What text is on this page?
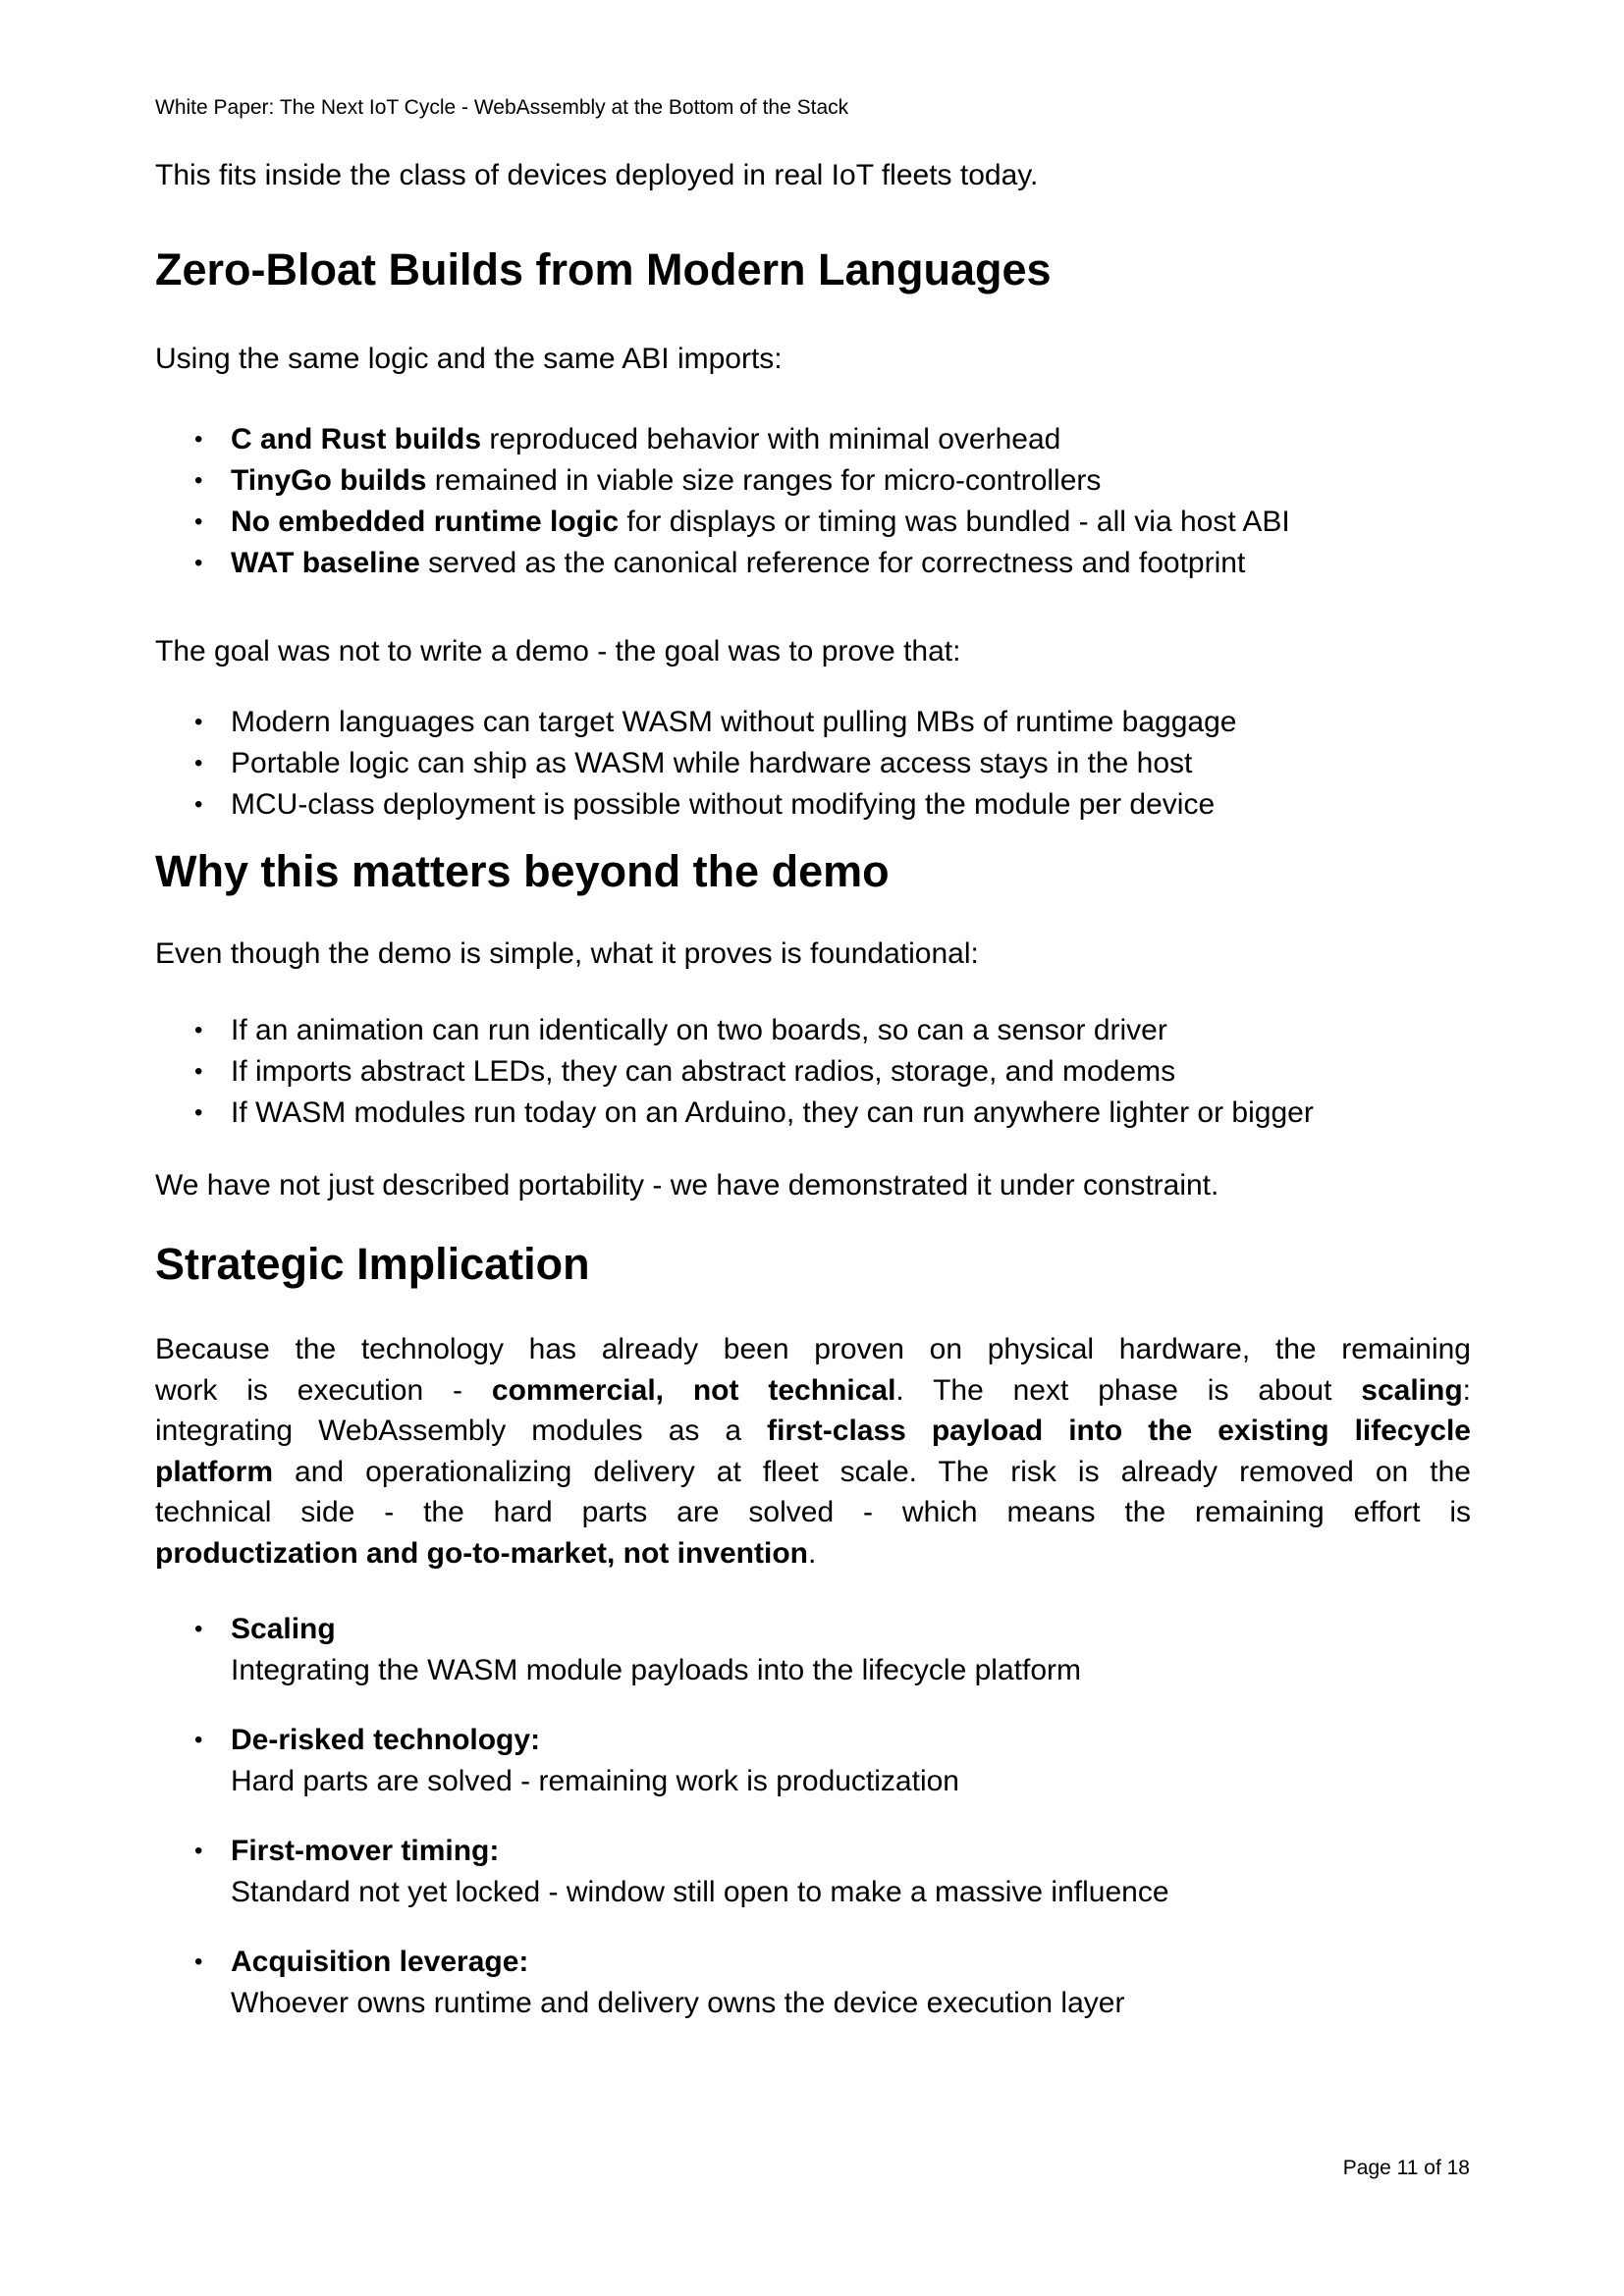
White Paper: The Next IoT Cycle - WebAssembly at the Bottom of the Stack

This fits inside the class of devices deployed in real IoT fleets today.

Zero-Bloat Builds from Modern Languages

Using the same logic and the same ABI imports:

• C and Rust builds reproduced behavior with minimal overhead
• TinyGo builds remained in viable size ranges for micro-controllers
• No embedded runtime logic for displays or timing was bundled - all via host ABI
• WAT baseline served as the canonical reference for correctness and footprint

The goal was not to write a demo - the goal was to prove that:

• Modern languages can target WASM without pulling MBs of runtime baggage
• Portable logic can ship as WASM while hardware access stays in the host
• MCU-class deployment is possible without modifying the module per device
Why this matters beyond the demo

Even though the demo is simple, what it proves is foundational:

• If an animation can run identically on two boards, so can a sensor driver
• If imports abstract LEDs, they can abstract radios, storage, and modems
• If WASM modules run today on an Arduino, they can run anywhere lighter or bigger

We have not just described portability - we have demonstrated it under constraint.

Strategic Implication
Because the technology has already been proven on physical hardware, the remaining
work is execution - commercial, not technical. The next phase is about scaling:
integrating WebAssembly modules as a first-class payload into the existing lifecycle
platform and operationalizing delivery at fleet scale. The risk is already removed on the
technical side - the hard parts are solved - which means the remaining effort is
productization and go-to-market, not invention.
• Scaling
Integrating the WASM module payloads into the lifecycle platform
• De-risked technology:
Hard parts are solved - remaining work is productization
• First-mover timing:
Standard not yet locked - window still open to make a massive influence
• Acquisition leverage:
Whoever owns runtime and delivery owns the device execution layer
Page 11 of 18
